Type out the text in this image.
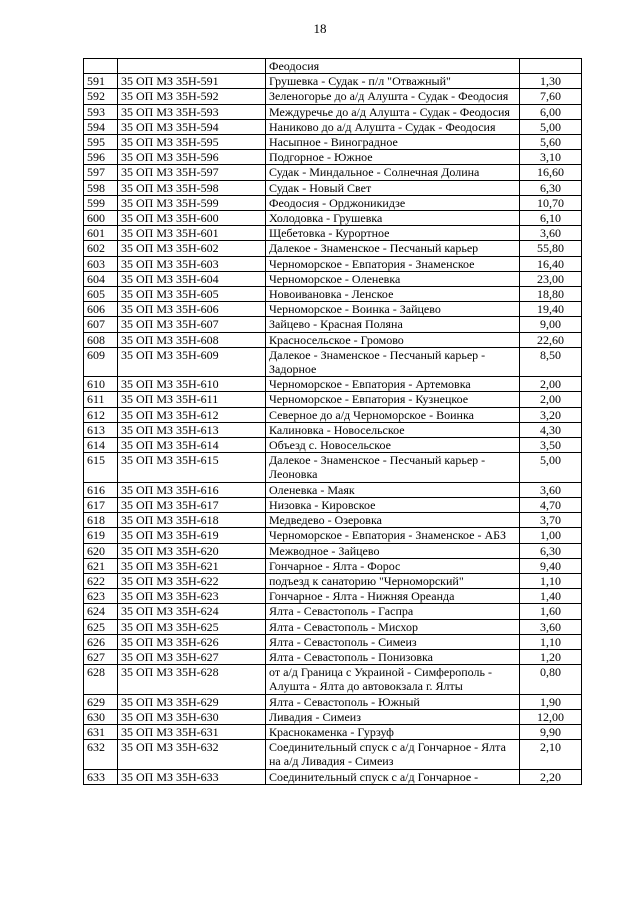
18
		Феодосия	
591	35 ОП МЗ 35Н-591	Грушевка - Судак - п/л "Отважный"	1,30
592	35 ОП МЗ 35Н-592	Зеленогорье до а/д Алушта - Судак - Феодосия	7,60
593	35 ОП МЗ 35Н-593	Междуречье до а/д Алушта - Судак - Феодосия	6,00
594	35 ОП МЗ 35Н-594	Наниково до а/д Алушта - Судак - Феодосия	5,00
595	35 ОП МЗ 35Н-595	Насыпное - Виноградное	5,60
596	35 ОП МЗ 35Н-596	Подгорное - Южное	3,10
597	35 ОП МЗ 35Н-597	Судак - Миндальное - Солнечная Долина	16,60
598	35 ОП МЗ 35Н-598	Судак - Новый Свет	6,30
599	35 ОП МЗ 35Н-599	Феодосия - Орджоникидзе	10,70
600	35 ОП МЗ 35Н-600	Холодовка - Грушевка	6,10
601	35 ОП МЗ 35Н-601	Щебетовка - Курортное	3,60
602	35 ОП МЗ 35Н-602	Далекое - Знаменское - Песчаный карьер	55,80
603	35 ОП МЗ 35Н-603	Черноморское - Евпатория - Знаменское	16,40
604	35 ОП МЗ 35Н-604	Черноморское - Оленевка	23,00
605	35 ОП МЗ 35Н-605	Новоивановка - Ленское	18,80
606	35 ОП МЗ 35Н-606	Черноморское - Воинка - Зайцево	19,40
607	35 ОП МЗ 35Н-607	Зайцево - Красная Поляна	9,00
608	35 ОП МЗ 35Н-608	Красносельское - Громово	22,60
609	35 ОП МЗ 35Н-609	Далекое - Знаменское - Песчаный карьер - Задорное	8,50
610	35 ОП МЗ 35Н-610	Черноморское - Евпатория - Артемовка	2,00
611	35 ОП МЗ 35Н-611	Черноморское - Евпатория - Кузнецкое	2,00
612	35 ОП МЗ 35Н-612	Северное до а/д Черноморское - Воинка	3,20
613	35 ОП МЗ 35Н-613	Калиновка - Новосельское	4,30
614	35 ОП МЗ 35Н-614	Объезд с. Новосельское	3,50
615	35 ОП МЗ 35Н-615	Далекое - Знаменское - Песчаный карьер - Леоновка	5,00
616	35 ОП МЗ 35Н-616	Оленевка - Маяк	3,60
617	35 ОП МЗ 35Н-617	Низовка - Кировское	4,70
618	35 ОП МЗ 35Н-618	Медведево - Озеровка	3,70
619	35 ОП МЗ 35Н-619	Черноморское - Евпатория - Знаменское - АБЗ	1,00
620	35 ОП МЗ 35Н-620	Межводное - Зайцево	6,30
621	35 ОП МЗ 35Н-621	Гончарное - Ялта - Форос	9,40
622	35 ОП МЗ 35Н-622	подъезд к санаторию "Черноморский"	1,10
623	35 ОП МЗ 35Н-623	Гончарное - Ялта - Нижняя Ореанда	1,40
624	35 ОП МЗ 35Н-624	Ялта - Севастополь - Гаспра	1,60
625	35 ОП МЗ 35Н-625	Ялта - Севастополь - Мисхор	3,60
626	35 ОП МЗ 35Н-626	Ялта - Севастополь - Симеиз	1,10
627	35 ОП МЗ 35Н-627	Ялта - Севастополь - Понизовка	1,20
628	35 ОП МЗ 35Н-628	от а/д Граница с Украиной - Симферополь - Алушта - Ялта до автовокзала г. Ялты	0,80
629	35 ОП МЗ 35Н-629	Ялта - Севастополь - Южный	1,90
630	35 ОП МЗ 35Н-630	Ливадия - Симеиз	12,00
631	35 ОП МЗ 35Н-631	Краснокаменка - Гурзуф	9,90
632	35 ОП МЗ 35Н-632	Соединительный спуск с а/д Гончарное - Ялта на а/д Ливадия - Симеиз	2,10
633	35 ОП МЗ 35Н-633	Соединительный спуск с а/д Гончарное -	2,20
